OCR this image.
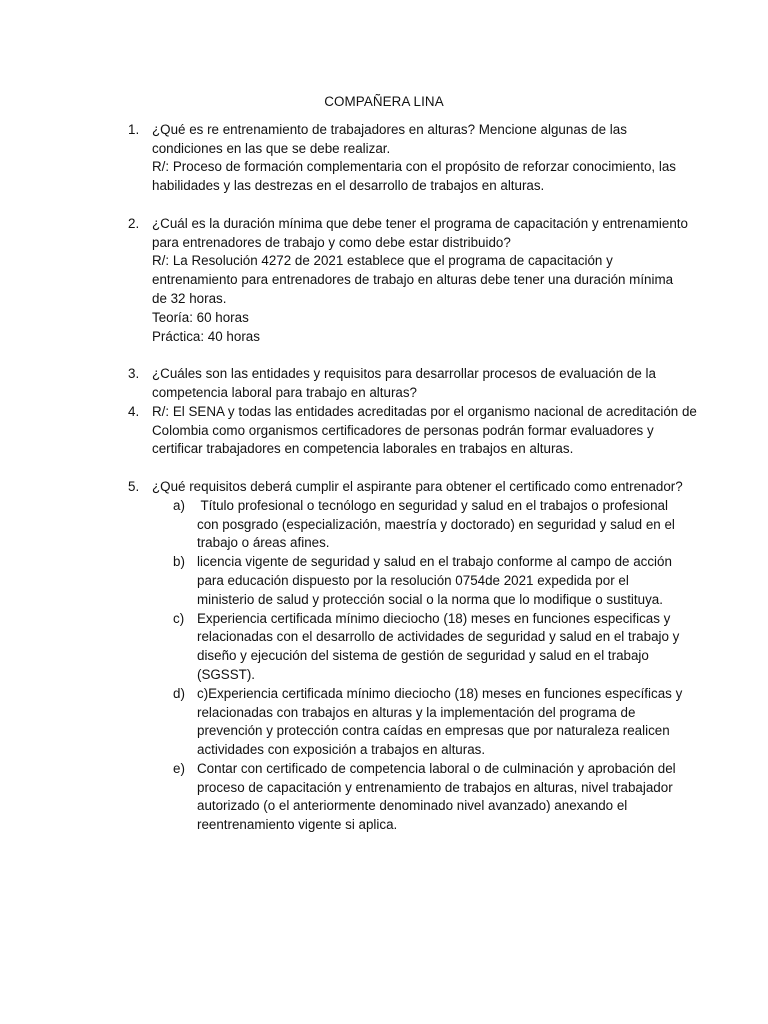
COMPAÑERA LINA
1. ¿Qué es re entrenamiento de trabajadores en alturas? Mencione algunas de las
condiciones en las que se debe realizar.
R/: Proceso de formación complementaria con el propósito de reforzar conocimiento, las
habilidades y las destrezas en el desarrollo de trabajos en alturas.
2. ¿Cuál es la duración mínima que debe tener el programa de capacitación y entrenamiento
para entrenadores de trabajo y como debe estar distribuido?
R/: La Resolución 4272 de 2021 establece que el programa de capacitación y
entrenamiento para entrenadores de trabajo en alturas debe tener una duración mínima
de 32 horas.
Teoría: 60 horas
Práctica: 40 horas
3. ¿Cuáles son las entidades y requisitos para desarrollar procesos de evaluación de la
competencia laboral para trabajo en alturas?
4. R/: El SENA y todas las entidades acreditadas por el organismo nacional de acreditación de
Colombia como organismos certificadores de personas podrán formar evaluadores y
certificar trabajadores en competencia laborales en trabajos en alturas.
5. ¿Qué requisitos deberá cumplir el aspirante para obtener el certificado como entrenador?
a) Título profesional o tecnólogo en seguridad y salud en el trabajos o profesional
con posgrado (especialización, maestría y doctorado) en seguridad y salud en el
trabajo o áreas afines.
b) licencia vigente de seguridad y salud en el trabajo conforme al campo de acción
para educación dispuesto por la resolución 0754de 2021 expedida por el
ministerio de salud y protección social o la norma que lo modifique o sustituya.
c) Experiencia certificada mínimo dieciocho (18) meses en funciones especificas y
relacionadas con el desarrollo de actividades de seguridad y salud en el trabajo y
diseño y ejecución del sistema de gestión de seguridad y salud en el trabajo
(SGSST).
d) c)Experiencia certificada mínimo dieciocho (18) meses en funciones específicas y
relacionadas con trabajos en alturas y la implementación del programa de
prevención y protección contra caídas en empresas que por naturaleza realicen
actividades con exposición a trabajos en alturas.
e) Contar con certificado de competencia laboral o de culminación y aprobación del
proceso de capacitación y entrenamiento de trabajos en alturas, nivel trabajador
autorizado (o el anteriormente denominado nivel avanzado) anexando el
reentrenamiento vigente si aplica.
